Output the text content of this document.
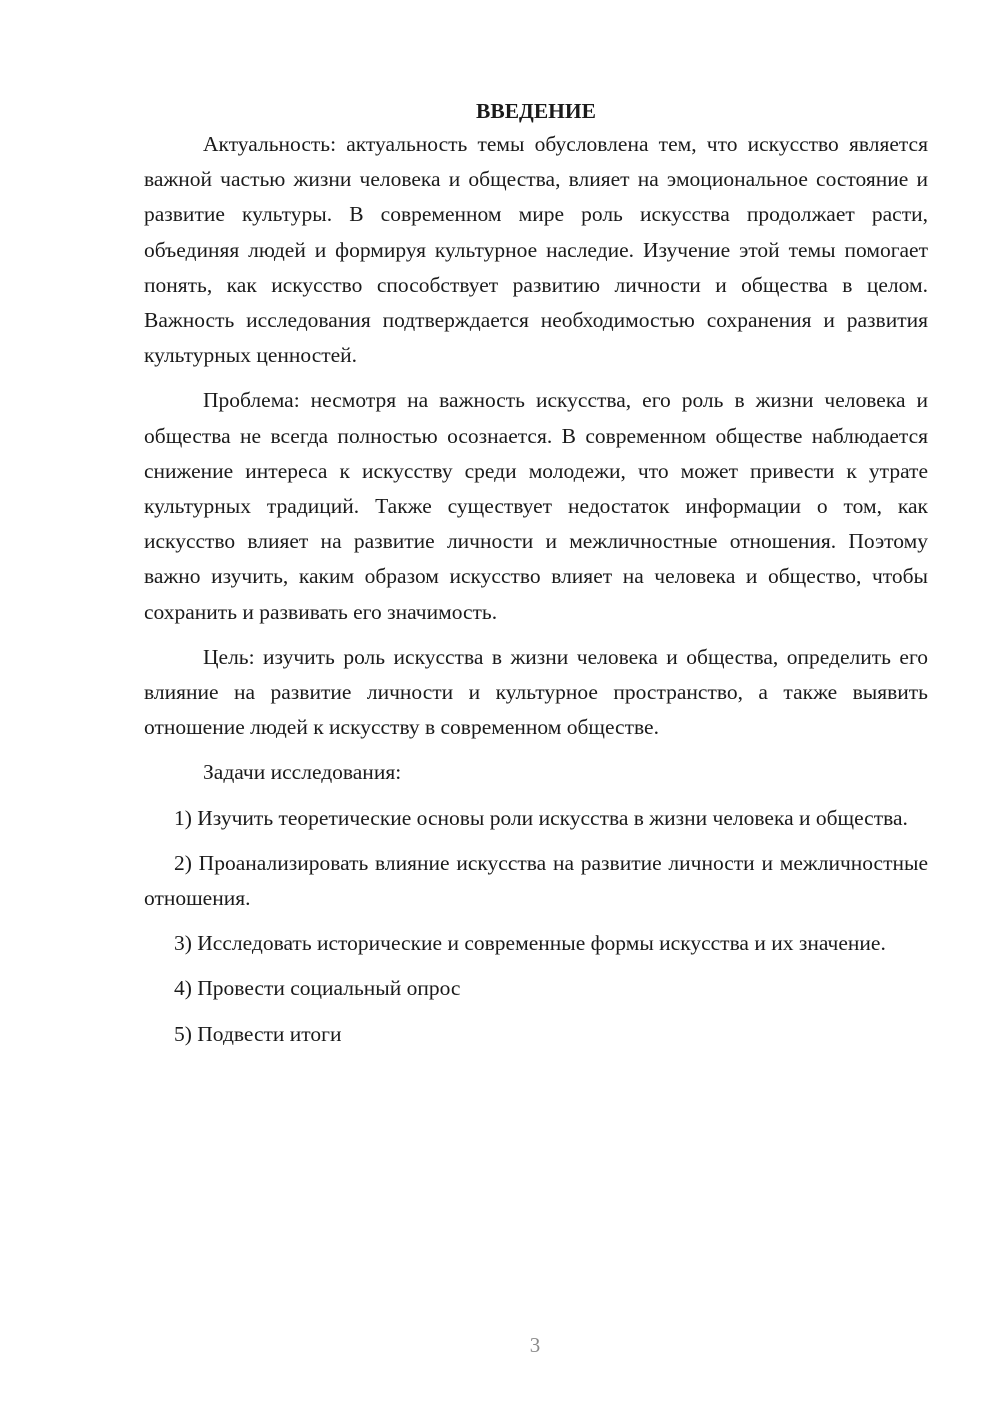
ВВЕДЕНИЕ

Актуальность: актуальность темы обусловлена тем, что искусство является важной частью жизни человека и общества, влияет на эмоциональное состояние и развитие культуры. В современном мире роль искусства продолжает расти, объединяя людей и формируя культурное наследие. Изучение этой темы помогает понять, как искусство способствует развитию личности и общества в целом. Важность исследования подтверждается необходимостью сохранения и развития культурных ценностей.

Проблема: несмотря на важность искусства, его роль в жизни человека и общества не всегда полностью осознается. В современном обществе наблюдается снижение интереса к искусству среди молодежи, что может привести к утрате культурных традиций. Также существует недостаток информации о том, как искусство влияет на развитие личности и межличностные отношения. Поэтому важно изучить, каким образом искусство влияет на человека и общество, чтобы сохранить и развивать его значимость.

Цель: изучить роль искусства в жизни человека и общества, определить его влияние на развитие личности и культурное пространство, а также выявить отношение людей к искусству в современном обществе.

Задачи исследования:

1) Изучить теоретические основы роли искусства в жизни человека и общества.

2) Проанализировать влияние искусства на развитие личности и межличностные отношения.

3) Исследовать исторические и современные формы искусства и их значение.

4) Провести социальный опрос

5) Подвести итоги

3
